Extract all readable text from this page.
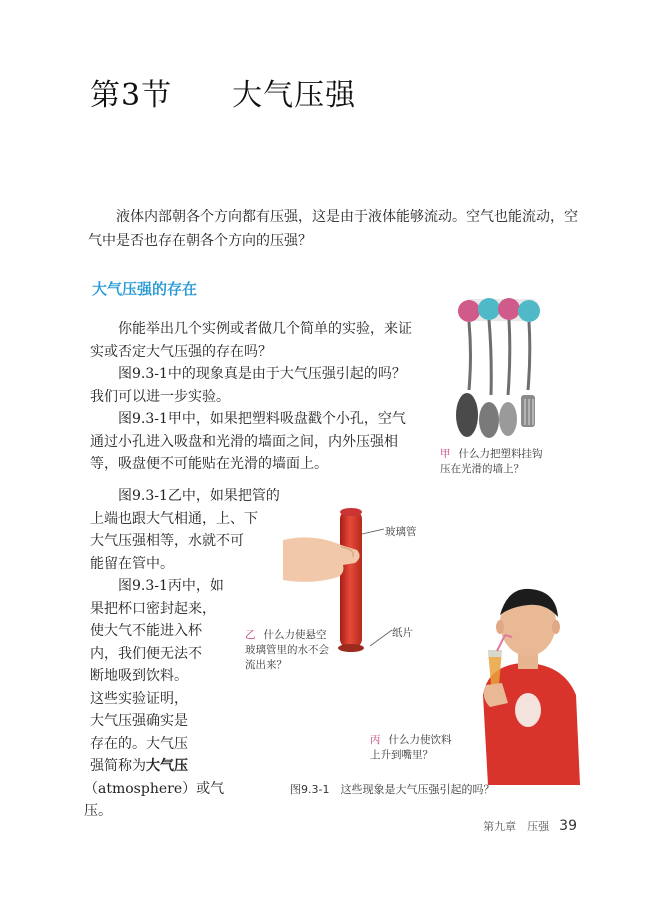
第3节 大气压强

液体内部朝各个方向都有压强，这是由于液体能够流动。空气也能流动，空气中是否也存在朝各个方向的压强？

大气压强的存在

你能举出几个实例或者做几个简单的实验，来证实或否定大气压强的存在吗？

图9.3-1中的现象真是由于大气压强引起的吗？我们可以进一步实验。

图9.3-1甲中，如果把塑料吸盘戳个小孔，空气通过小孔进入吸盘和光滑的墙面之间，内外压强相等，吸盘便不可能贴在光滑的墙面上。

图9.3-1乙中，如果把管的

上端也跟大气相通，上、下

大气压强相等，水就不可

能留在管中。

图9.3-1丙中，如

果把杯口密封起来，

使大气不能进入杯

内，我们便无法不

断地吸到饮料。

这些实验证明，

大气压强确实是

存在的。大气压

强简称为大气压

（atmosphere）或气压。

甲 什么力把塑料挂钩
压在光滑的墙上？
玻璃管
纸片
乙 什么力使悬空
玻璃管里的水不会
流出来？
丙 什么力使饮料
上升到嘴里？
图9.3-1　这些现象是大气压强引起的吗？
第九章　压强 39
